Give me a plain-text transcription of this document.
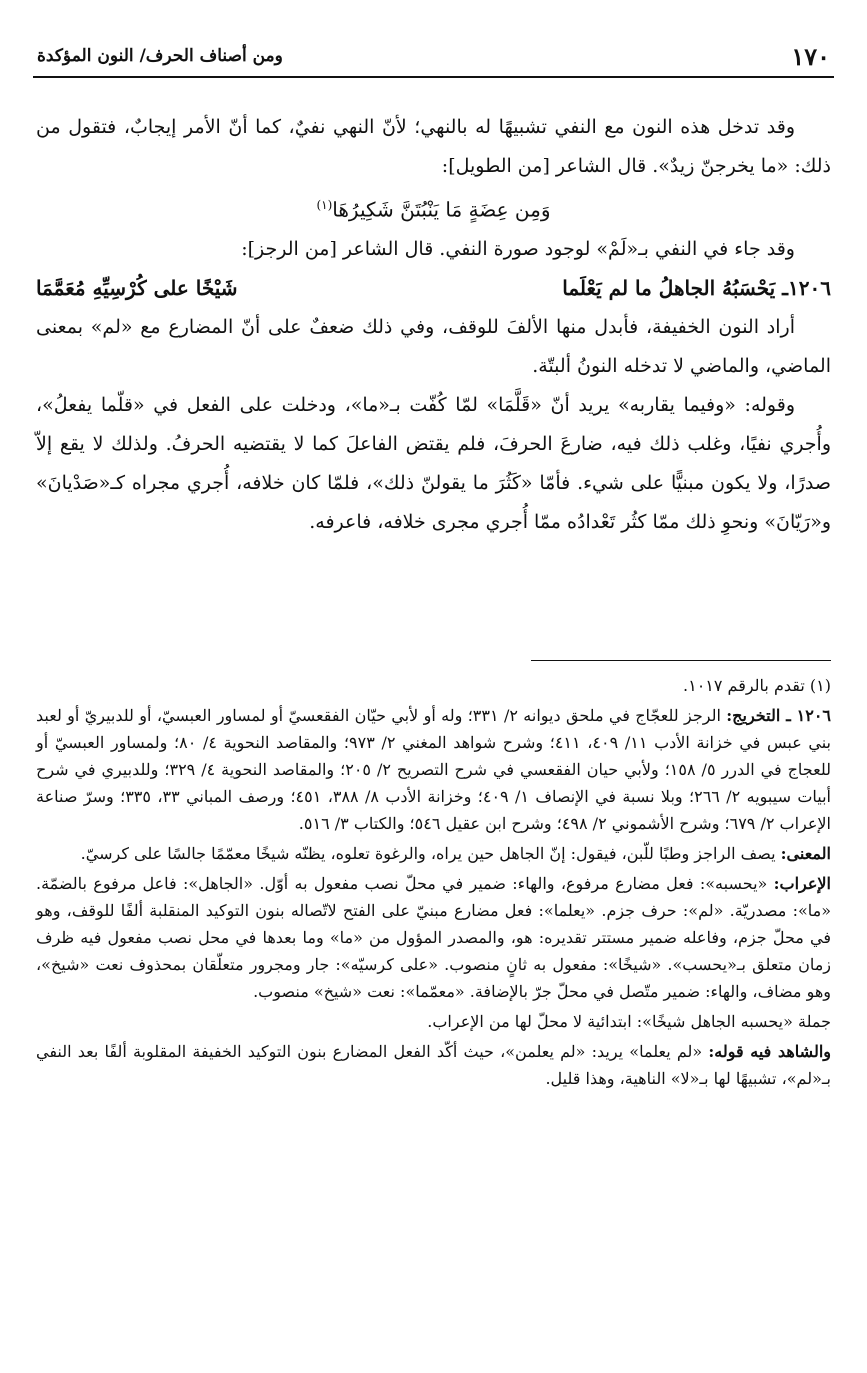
١٧٠
ومن أصناف الحرف/ النون المؤكدة

وقد تدخل هذه النون مع النفي تشبيهًا له بالنهي؛ لأنّ النهي نفيٌ، كما أنّ الأمر إيجابٌ، فتقول من ذلك: «ما يخرجنّ زيدٌ». قال الشاعر [من الطويل]:

وَمِن عِضَةٍ مَا يَنْبُتَنَّ شَكِيرُهَا$^{(١)}$

وقد جاء في النفي بـ«لَمْ» لوجود صورة النفي. قال الشاعر [من الرجز]:

١٢٠٦ـ يَحْسَبُهُ الجاهلُ ما لم يَعْلَما
شَيْخًا على كُرْسِيِّهِ مُعَمَّمَا

أراد النون الخفيفة، فأبدل منها الألفَ للوقف، وفي ذلك ضعفٌ على أنّ المضارع مع «لم» بمعنى الماضي، والماضي لا تدخله النونُ ألبتّة.

وقوله: «وفيما يقاربه» يريد أنّ «قَلَّمَا» لمّا كُفّت بـ«ما»، ودخلت على الفعل في «قلّما يفعلُ»، وأُجري نفيًا، وغلب ذلك فيه، ضارعَ الحرفَ، فلم يقتض الفاعلَ كما لا يقتضيه الحرفُ. ولذلك لا يقع إلاّ صدرًا، ولا يكون مبنيًّا على شيء. فأمّا «كَثُرَ ما يقولنّ ذلك»، فلمّا كان خلافه، أُجري مجراه كـ«صَدْيانَ» و«رَيّانَ» ونحوِ ذلك ممّا كثُر تَعْدادُه ممّا أُجري مجرى خلافه، فاعرفه.

(١) تقدم بالرقم ١٠١٧.

١٢٠٦ ـ التخريج: الرجز للعجّاج في ملحق ديوانه ٢/ ٣٣١؛ وله أو لأبي حيّان الفقعسيّ أو لمساور العبسيّ، أو للدبيريّ أو لعبد بني عبس في خزانة الأدب ١١/ ٤٠٩، ٤١١؛ وشرح شواهد المغني ٢/ ٩٧٣؛ والمقاصد النحوية ٤/ ٨٠؛ ولمساور العبسيّ أو للعجاج في الدرر ٥/ ١٥٨؛ ولأبي حيان الفقعسي في شرح التصريح ٢/ ٢٠٥؛ والمقاصد النحوية ٤/ ٣٢٩؛ وللدبيري في شرح أبيات سيبويه ٢/ ٢٦٦؛ وبلا نسبة في الإنصاف ١/ ٤٠٩؛ وخزانة الأدب ٨/ ٣٨٨، ٤٥١؛ ورصف المباني ٣٣، ٣٣٥؛ وسرّ صناعة الإعراب ٢/ ٦٧٩؛ وشرح الأشموني ٢/ ٤٩٨؛ وشرح ابن عقيل ٥٤٦؛ والكتاب ٣/ ٥١٦.

المعنى: يصف الراجز وطبًا للّبن، فيقول: إنّ الجاهل حين يراه، والرغوة تعلوه، يظنّه شيخًا معمّمًا جالسًا على كرسيّ.

الإعراب: «يحسبه»: فعل مضارع مرفوع، والهاء: ضمير في محلّ نصب مفعول به أوّل. «الجاهل»: فاعل مرفوع بالضمّة. «ما»: مصدريّة. «لم»: حرف جزم. «يعلما»: فعل مضارع مبنيّ على الفتح لاتّصاله بنون التوكيد المنقلبة ألفًا للوقف، وهو في محلّ جزم، وفاعله ضمير مستتر تقديره: هو، والمصدر المؤول من «ما» وما بعدها في محل نصب مفعول فيه ظرف زمان متعلق بـ«يحسب». «شيخًا»: مفعول به ثانٍ منصوب. «على كرسيّه»: جار ومجرور متعلّقان بمحذوف نعت «شيخ»، وهو مضاف، والهاء: ضمير متّصل في محلّ جرّ بالإضافة. «معمّما»: نعت «شيخ» منصوب.

جملة «يحسبه الجاهل شيخًا»: ابتدائية لا محلّ لها من الإعراب.

والشاهد فيه قوله: «لم يعلما» يريد: «لم يعلمن»، حيث أكّد الفعل المضارع بنون التوكيد الخفيفة المقلوبة ألفًا بعد النفي بـ«لم»، تشبيهًا لها بـ«لا» الناهية، وهذا قليل.
